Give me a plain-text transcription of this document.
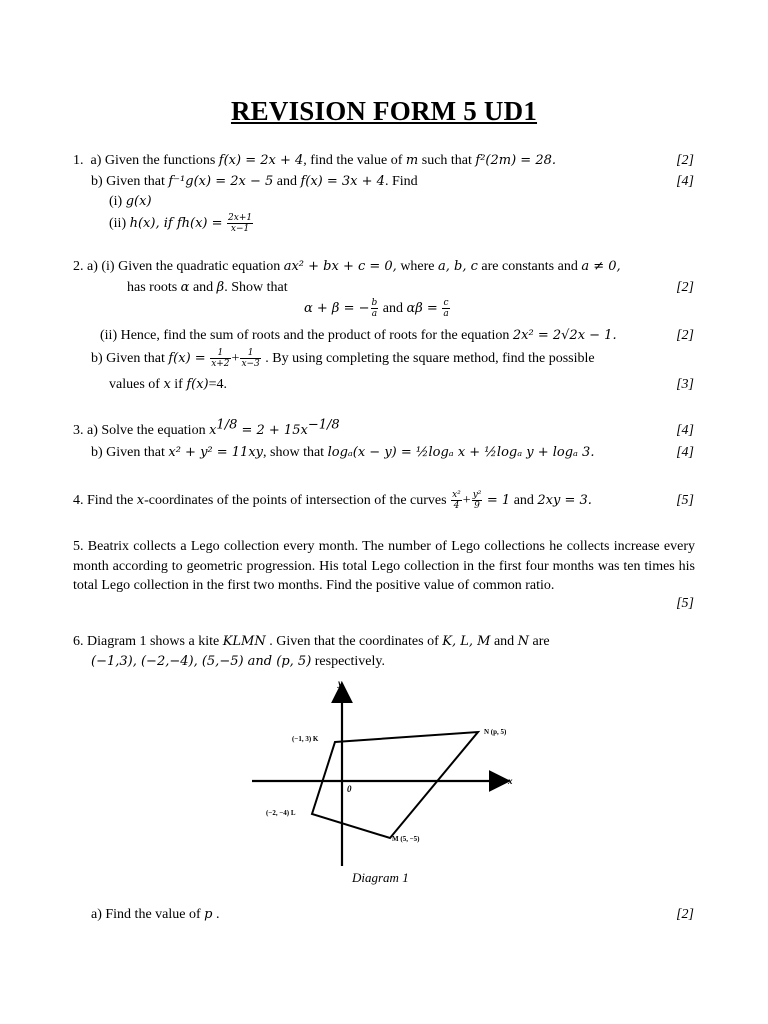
REVISION FORM 5 UD1
1. a) Given the functions f(x) = 2x + 4, find the value of m such that f²(2m) = 28.	[2]
b) Given that f⁻¹g(x) = 2x − 5 and f(x) = 3x + 4. Find	[4]
(i) g(x)
(ii) h(x), if $fh(x) = \frac{2x+1}{x-1}$
2. a) (i) Given the quadratic equation ax² + bx + c = 0, where a, b, c are constants and a ≠ 0,
has roots α and β. Show that	[2]
α + β = − $\frac{b}{a}$ and $\alpha\beta = \frac{c}{a}$
(ii) Hence, find the sum of roots and the product of roots for the equation 2x² = 2√2x − 1.	[2]
b) Given that $f(x) = \frac{1}{x+2} + \frac{1}{x-3}$ . By using completing the square method, find the possible
values of x if f(x)=4.	[3]
3. a) Solve the equation $x^{1/8} = 2 + 15x^{-1/8}$	[4]
b) Given that x² + y² = 11xy, show that logₐ(x − y) = ½logₐ x + ½logₐ y + logₐ 3.	[4]
4. Find the x-coordinates of the points of intersection of the curves $\frac{\text{x²}}{4} + \frac{\text{y²}}{9} = 1$ and 2xy = 3.	[5]
5. Beatrix collects a Lego collection every month. The number of Lego collections he collects increase every month according to geometric progression. His total Lego collection in the first four months was ten times his total Lego collection in the first two months. Find the positive value of common ratio.
[5]
6. Diagram 1 shows a kite KLMN . Given that the coordinates of K, L, M and N are
(−1,3), (−2,−4), (5,−5) and (p, 5) respectively.
y
x
0
(−1, 3) K
N (p, 5)
(−2, −4) L
M (5, −5)
Diagram 1
a) Find the value of p .	[2]
